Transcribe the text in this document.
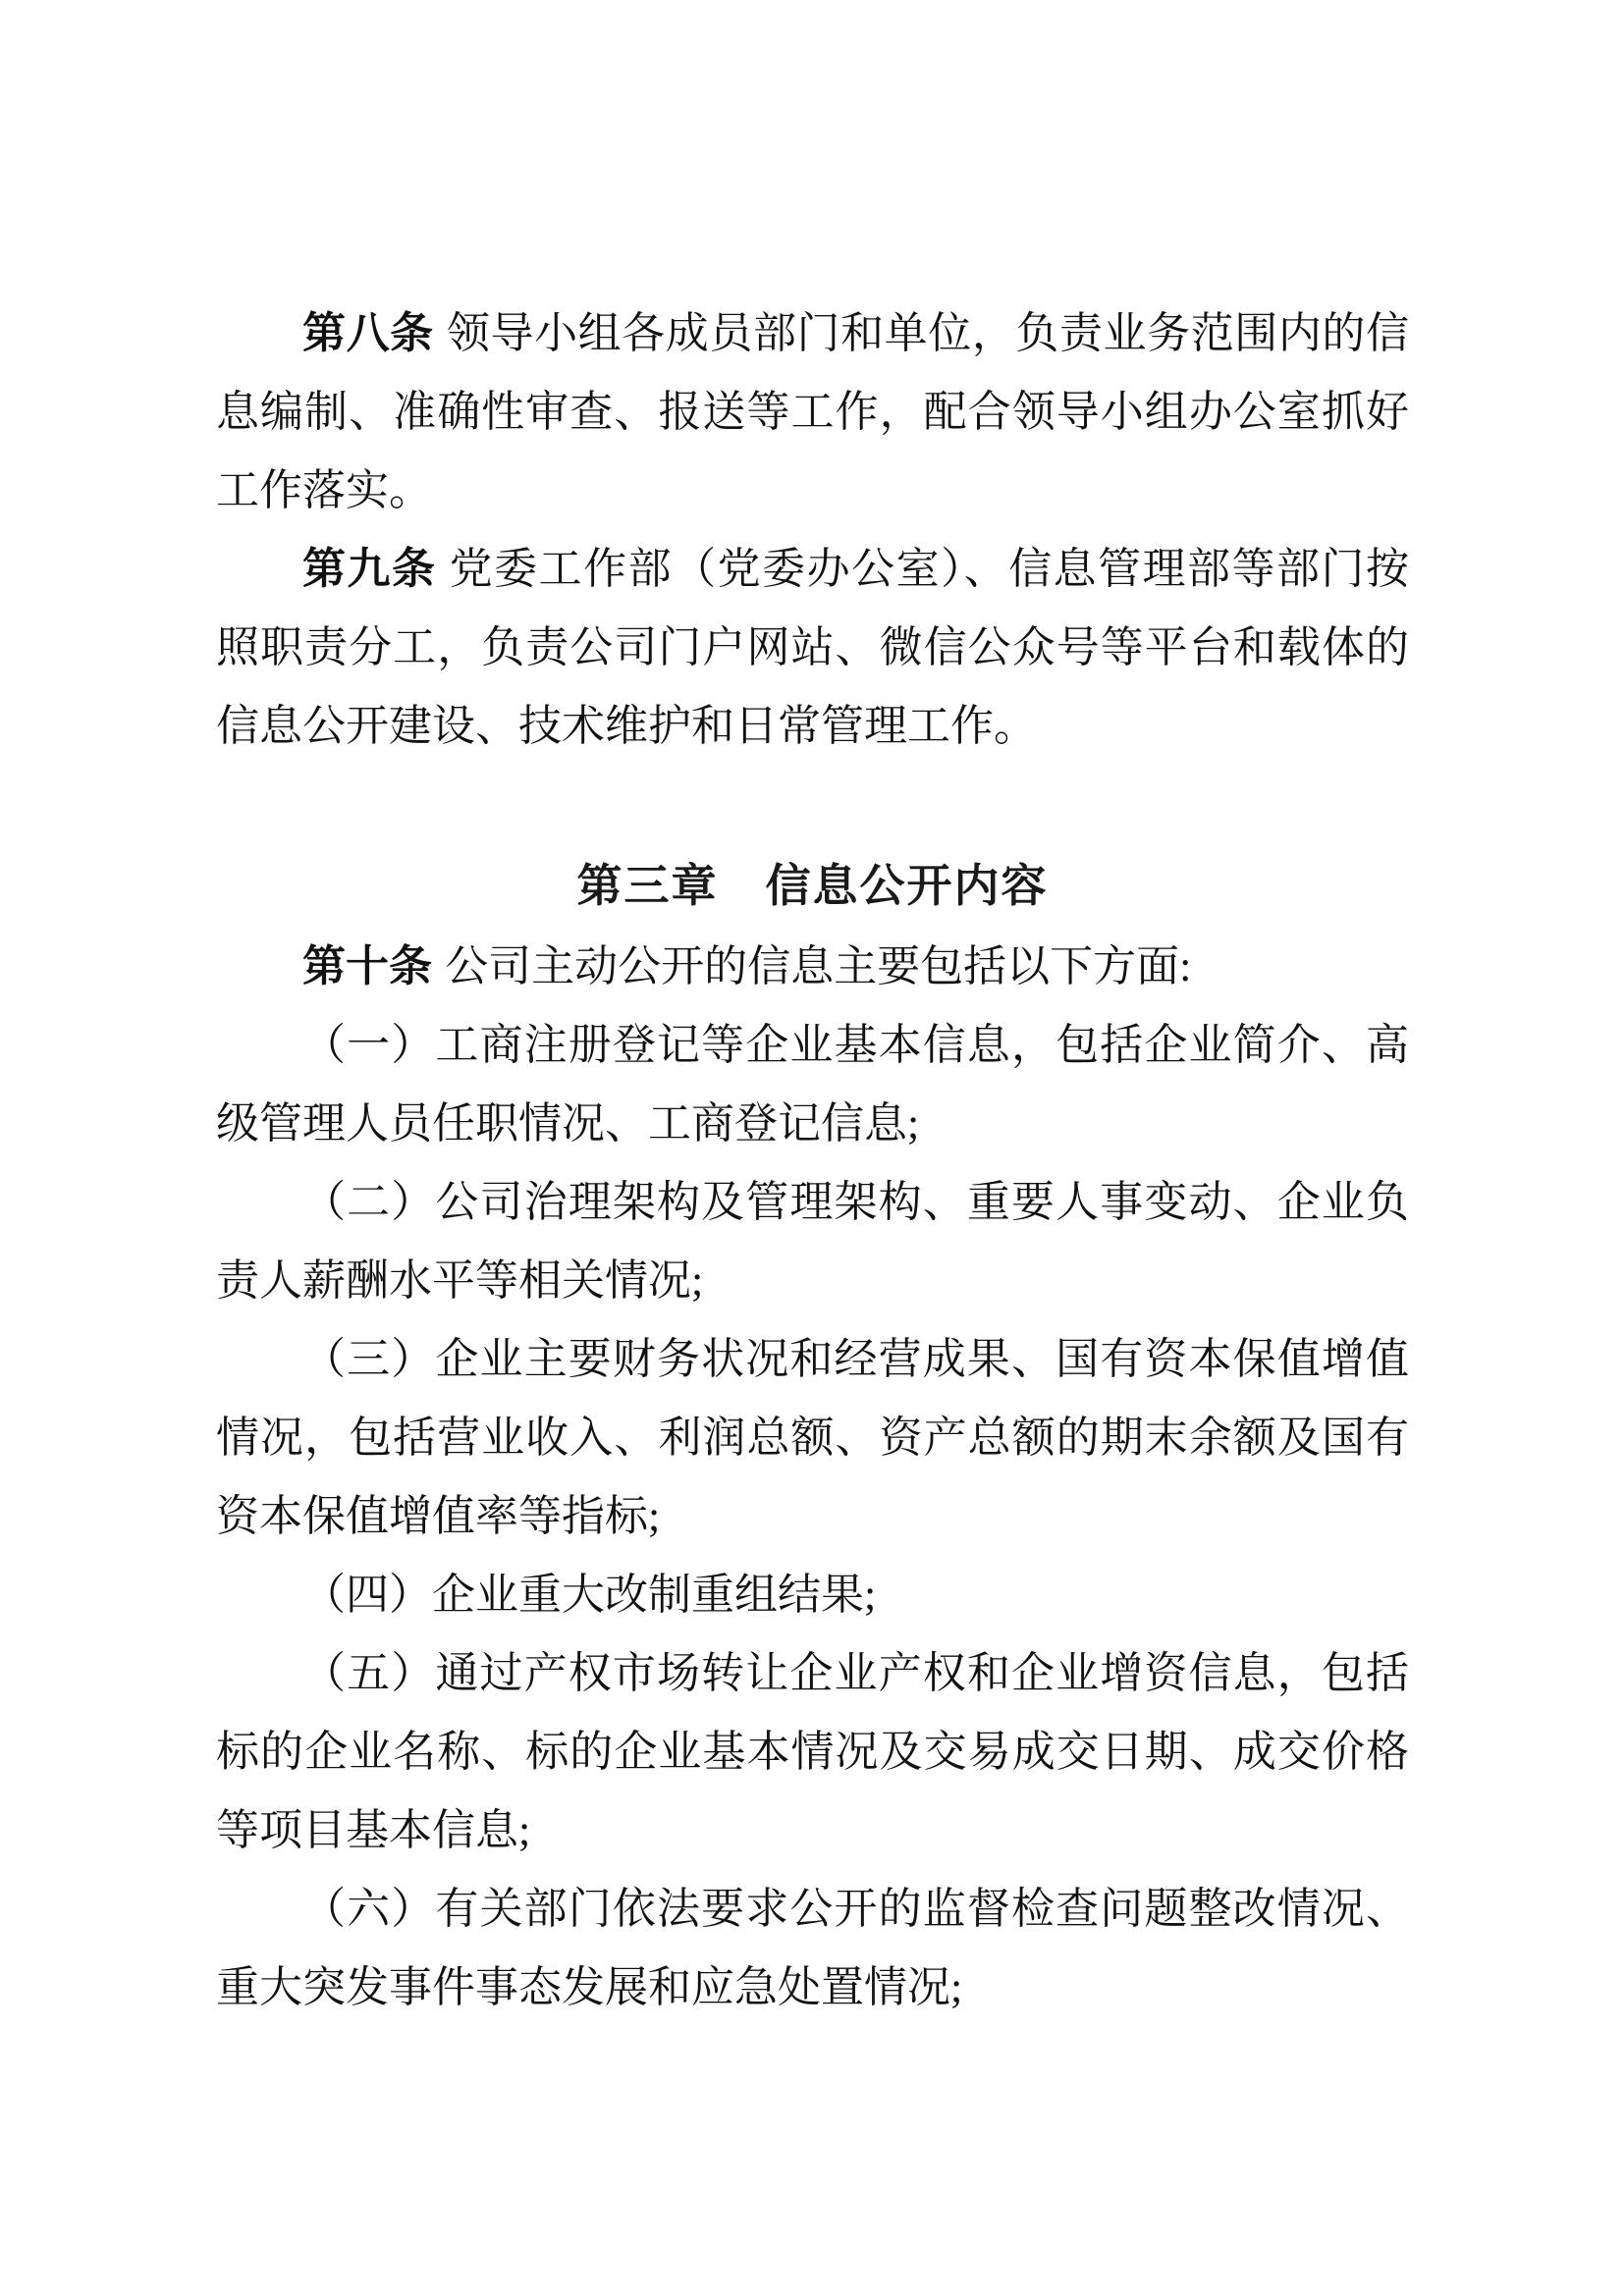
第八条 领导小组各成员部门和单位，负责业务范围内的信息编制、准确性审查、报送等工作，配合领导小组办公室抓好工作落实。

第九条 党委工作部（党委办公室）、信息管理部等部门按照职责分工，负责公司门户网站、微信公众号等平台和载体的信息公开建设、技术维护和日常管理工作。

第三章　信息公开内容

第十条 公司主动公开的信息主要包括以下方面:

（一）工商注册登记等企业基本信息，包括企业简介、高级管理人员任职情况、工商登记信息;

（二）公司治理架构及管理架构、重要人事变动、企业负责人薪酬水平等相关情况;

（三）企业主要财务状况和经营成果、国有资本保值增值情况，包括营业收入、利润总额、资产总额的期末余额及国有资本保值增值率等指标;

（四）企业重大改制重组结果;

（五）通过产权市场转让企业产权和企业增资信息，包括标的企业名称、标的企业基本情况及交易成交日期、成交价格等项目基本信息;

（六）有关部门依法要求公开的监督检查问题整改情况、重大突发事件事态发展和应急处置情况;
